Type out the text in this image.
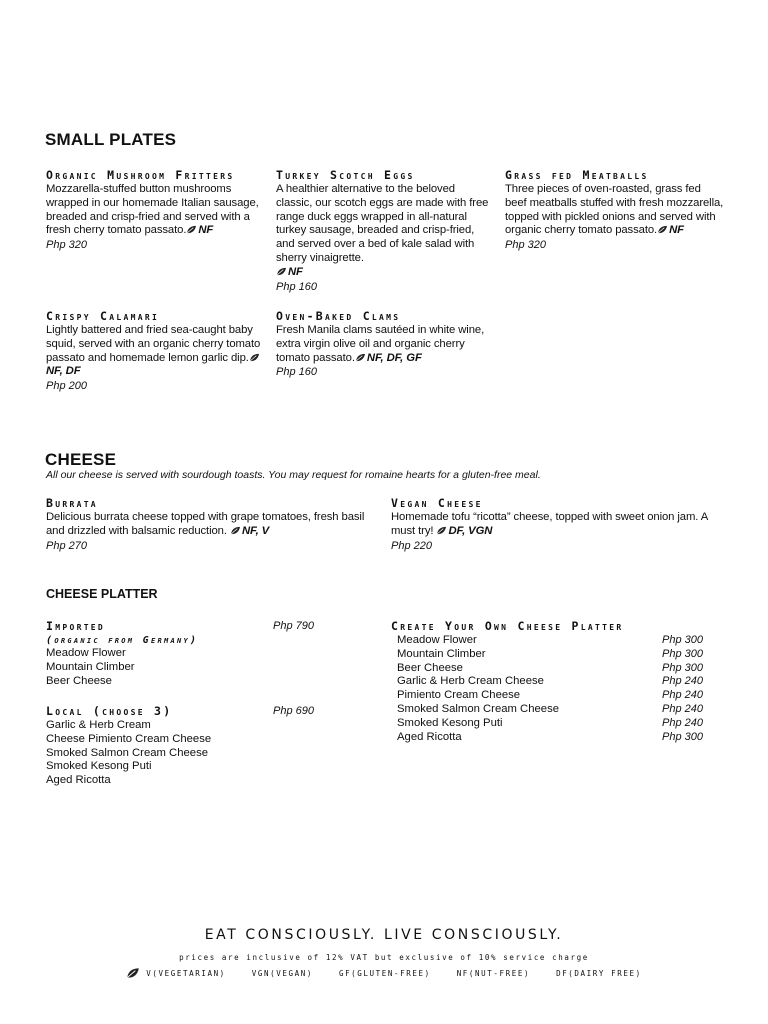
SMALL PLATES
Organic Mushroom Fritters
Mozzarella-stuffed button mushrooms wrapped in our homemade Italian sausage, breaded and crisp-fried and served with a fresh cherry tomato passato. NF
Php 320
Turkey Scotch Eggs
A healthier alternative to the beloved classic, our scotch eggs are made with free range duck eggs wrapped in all-natural turkey sausage, breaded and crisp-fried, and served over a bed of kale salad with sherry vinaigrette.
NF
Php 160
Grass fed Meatballs
Three pieces of oven-roasted, grass fed beef meatballs stuffed with fresh mozzarella, topped with pickled onions and served with organic cherry tomato passato. NF
Php 320
Crispy Calamari
Lightly battered and fried sea-caught baby squid, served with an organic cherry tomato passato and homemade lemon garlic dip.NF, DF
Php 200
Oven-Baked Clams
Fresh Manila clams sautéed in white wine, extra virgin olive oil and organic cherry tomato passato. NF, DF, GF
Php 160
CHEESE
All our cheese is served with sourdough toasts. You may request for romaine hearts for a gluten-free meal.
Burrata
Delicious burrata cheese topped with grape tomatoes, fresh basil and drizzled with balsamic reduction. NF, V
Php 270
Vegan Cheese
Homemade tofu “ricotta” cheese, topped with sweet onion jam. A must try! DF, VGN
Php 220
CHEESE PLATTER
Imported	Php 790
(organic from Germany)
Meadow Flower
Mountain Climber
Beer Cheese
Local (choose 3)	Php 690
Garlic & Herb Cream
Cheese Pimiento Cream Cheese
Smoked Salmon Cream Cheese
Smoked Kesong Puti
Aged Ricotta
Create Your Own Cheese Platter
Meadow Flower	Php 300
Mountain Climber	Php 300
Beer Cheese	Php 300
Garlic & Herb Cream Cheese	Php 240
Pimiento Cream Cheese	Php 240
Smoked Salmon Cream Cheese	Php 240
Smoked Kesong Puti	Php 240
Aged Ricotta	Php 300
EAT CONSCIOUSLY. LIVE CONSCIOUSLY.
prices are inclusive of 12% VAT but exclusive of 10% service charge
V(VEGETARIAN)	VGN(VEGAN)	GF(GLUTEN-FREE)	NF(NUT-FREE)	DF(DAIRY FREE)
